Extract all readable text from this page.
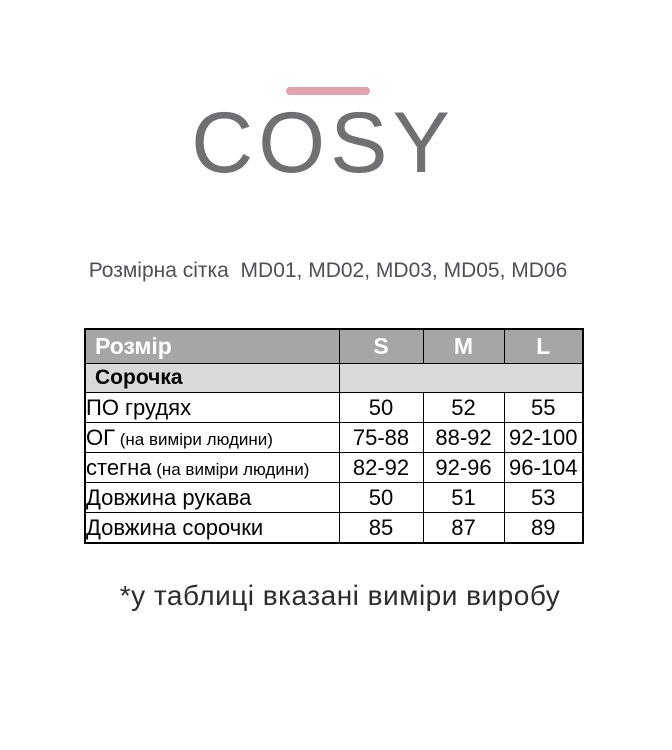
COSY
Розмірна сітка  MD01, MD02, MD03, MD05, MD06
Розмір	S	M	L
Сорочка			
ПО грудях	50	52	55
ОГ (на виміри людини)	75-88	88-92	92-100
стегна (на виміри людини)	82-92	92-96	96-104
Довжина рукава	50	51	53
Довжина сорочки	85	87	89
*у таблиці вказані виміри виробу
